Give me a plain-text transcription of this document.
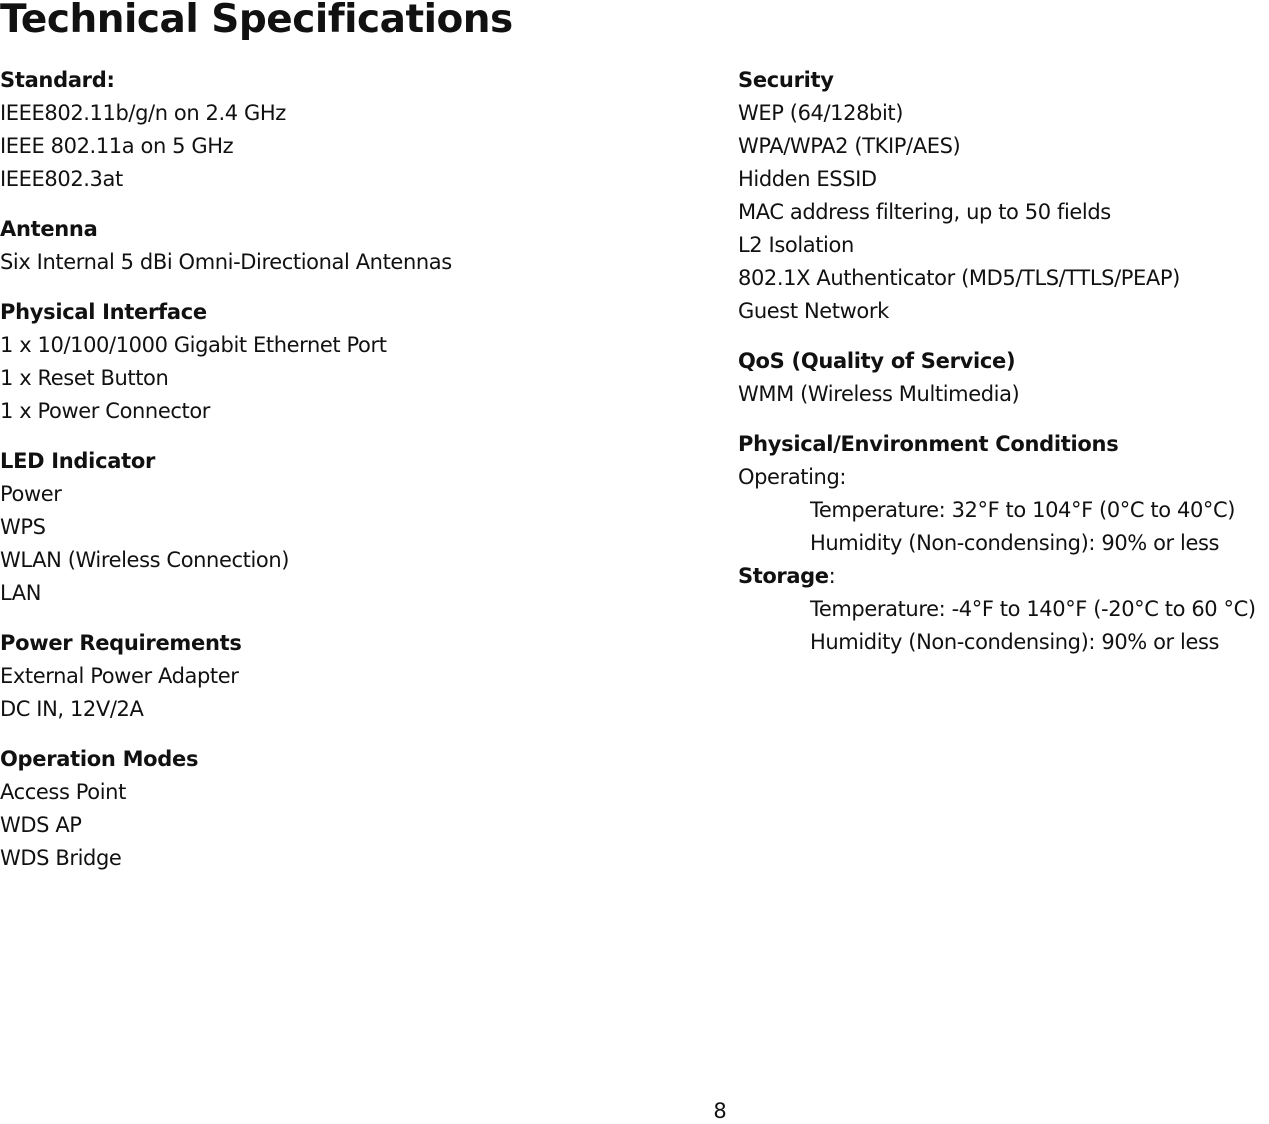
Technical Specifications
Standard:
IEEE802.11b/g/n on 2.4 GHz
IEEE 802.11a on 5 GHz
IEEE802.3at
Antenna
Six Internal 5 dBi Omni-Directional Antennas
Physical Interface
1 x 10/100/1000 Gigabit Ethernet Port
1 x Reset Button
1 x Power Connector
LED Indicator
Power
WPS
WLAN (Wireless Connection)
LAN
Power Requirements
External Power Adapter
DC IN, 12V/2A
Operation Modes
Access Point
WDS AP
WDS Bridge
Security
WEP (64/128bit)
WPA/WPA2 (TKIP/AES)
Hidden ESSID
MAC address filtering, up to 50 fields
L2 Isolation
802.1X Authenticator (MD5/TLS/TTLS/PEAP)
Guest Network
QoS (Quality of Service)
WMM (Wireless Multimedia)
Physical/Environment Conditions
Operating:
Temperature: 32°F to 104°F (0°C to 40°C)
Humidity (Non-condensing): 90% or less
Storage:
Temperature: -4°F to 140°F (-20°C to 60 °C)
Humidity (Non-condensing): 90% or less
8
